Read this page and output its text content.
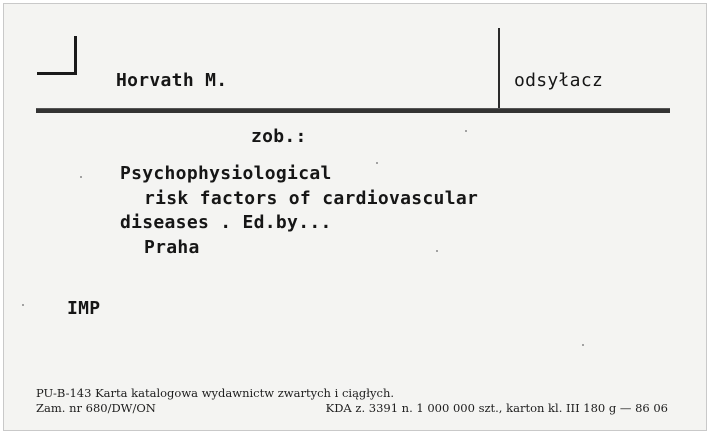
Horvath M.	odsyłacz
zob.:
Psychophysiological
risk factors of cardiovascular
diseases . Ed.by...
Praha
IMP
PU-B-143 Karta katalogowa wydawnictw zwartych i ciągłych.
Zam. nr 680/DW/ON	KDA z. 3391 n. 1 000 000 szt., karton kl. III 180 g — 86 06
